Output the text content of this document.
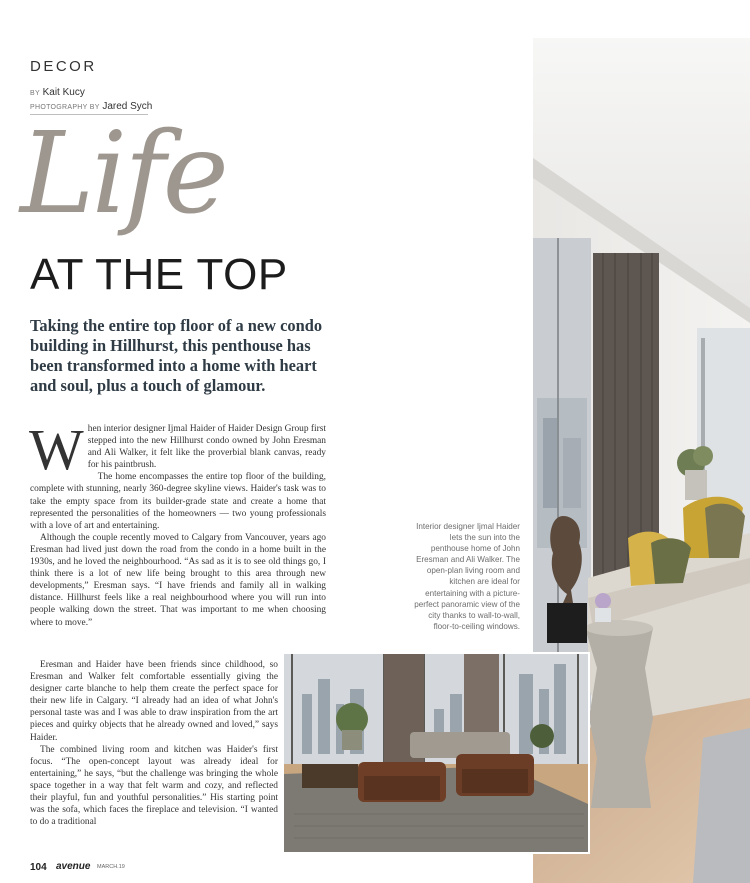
DECOR
BY Kait Kucy
PHOTOGRAPHY BY Jared Sych
Life
AT THE TOP
Taking the entire top floor of a new condo building in Hillhurst, this penthouse has been transformed into a home with heart and soul, plus a touch of glamour.

When interior designer Ijmal Haider of Haider Design Group first stepped into the new Hillhurst condo owned by John Eresman and Ali Walker, it felt like the proverbial blank canvas, ready for his paintbrush.

The home encompasses the entire top floor of the building, complete with stunning, nearly 360-degree skyline views. Haider's task was to take the empty space from its builder-grade state and create a home that represented the personalities of the homeowners — two young professionals with a love of art and entertaining.

Although the couple recently moved to Calgary from Vancouver, years ago Eresman had lived just down the road from the condo in a home built in the 1930s, and he loved the neighbourhood. “As sad as it is to see old things go, I think there is a lot of new life being brought to this area through new developments,” Eresman says. “I have friends and family all in walking distance. Hillhurst feels like a real neighbourhood where you will run into people walking down the street. That was important to me when choosing where to move.”

Eresman and Haider have been friends since childhood, so Eresman and Walker felt comfortable essentially giving the designer carte blanche to help them create the perfect space for their new life in Calgary. “I already had an idea of what John's personal taste was and I was able to draw inspiration from the art pieces and quirky objects that he already owned and loved,” says Haider.

The combined living room and kitchen was Haider's first focus. “The open-concept layout was already ideal for entertaining,” he says, “but the challenge was bringing the whole space together in a way that felt warm and cozy, and reflected their playful, fun and youthful personalities.” His starting point was the sofa, which faces the fireplace and television. “I wanted to do a traditional

Interior designer Ijmal Haider lets the sun into the penthouse home of John Eresman and Ali Walker. The open-plan living room and kitchen are ideal for entertaining with a picture-perfect panoramic view of the city thanks to wall-to-wall, floor-to-ceiling windows.
104 avenue MARCH.19
